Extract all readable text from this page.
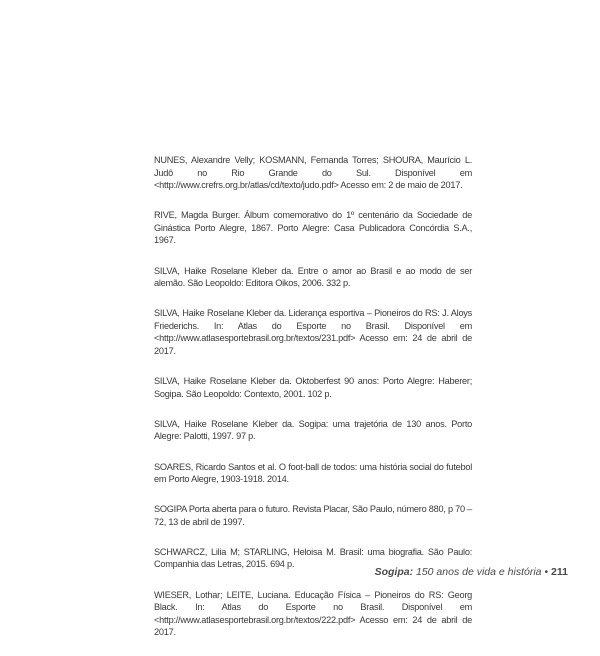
NUNES, Alexandre Velly; KOSMANN, Fernanda Torres; SHOURA, Maurício L. Judô no Rio Grande do Sul. Disponível em <http://www.crefrs.org.br/atlas/cd/texto/judo.pdf> Acesso em: 2 de maio de 2017.

RIVE, Magda Burger. Álbum comemorativo do 1º centenário da Sociedade de Ginástica Porto Alegre, 1867. Porto Alegre: Casa Publicadora Concórdia S.A., 1967.

SILVA, Haike Roselane Kleber da. Entre o amor ao Brasil e ao modo de ser alemão. São Leopoldo: Editora Oikos, 2006. 332 p.

SILVA, Haike Roselane Kleber da. Liderança esportiva – Pioneiros do RS: J. Aloys Friederichs. In: Atlas do Esporte no Brasil. Disponível em <http://www.atlasesportebrasil.org.br/textos/231.pdf> Acesso em: 24 de abril de 2017.

SILVA, Haike Roselane Kleber da. Oktoberfest 90 anos: Porto Alegre: Haberer; Sogipa. São Leopoldo: Contexto, 2001. 102 p.

SILVA, Haike Roselane Kleber da. Sogipa: uma trajetória de 130 anos. Porto Alegre: Palotti, 1997. 97 p.

SOARES, Ricardo Santos et al. O foot-ball de todos: uma história social do futebol em Porto Alegre, 1903-1918. 2014.

SOGIPA Porta aberta para o futuro. Revista Placar, São Paulo, número 880, p 70 – 72, 13 de abril de 1997.

SCHWARCZ, Lilia M; STARLING, Heloisa M. Brasil: uma biografia. São Paulo: Companhia das Letras, 2015. 694 p.

WIESER, Lothar; LEITE, Luciana. Educação Física – Pioneiros do RS: Georg Black. In: Atlas do Esporte no Brasil. Disponível em <http://www.atlasesportebrasil.org.br/textos/222.pdf> Acesso em: 24 de abril de 2017.

Sogipa: 150 anos de vida e história • 211
